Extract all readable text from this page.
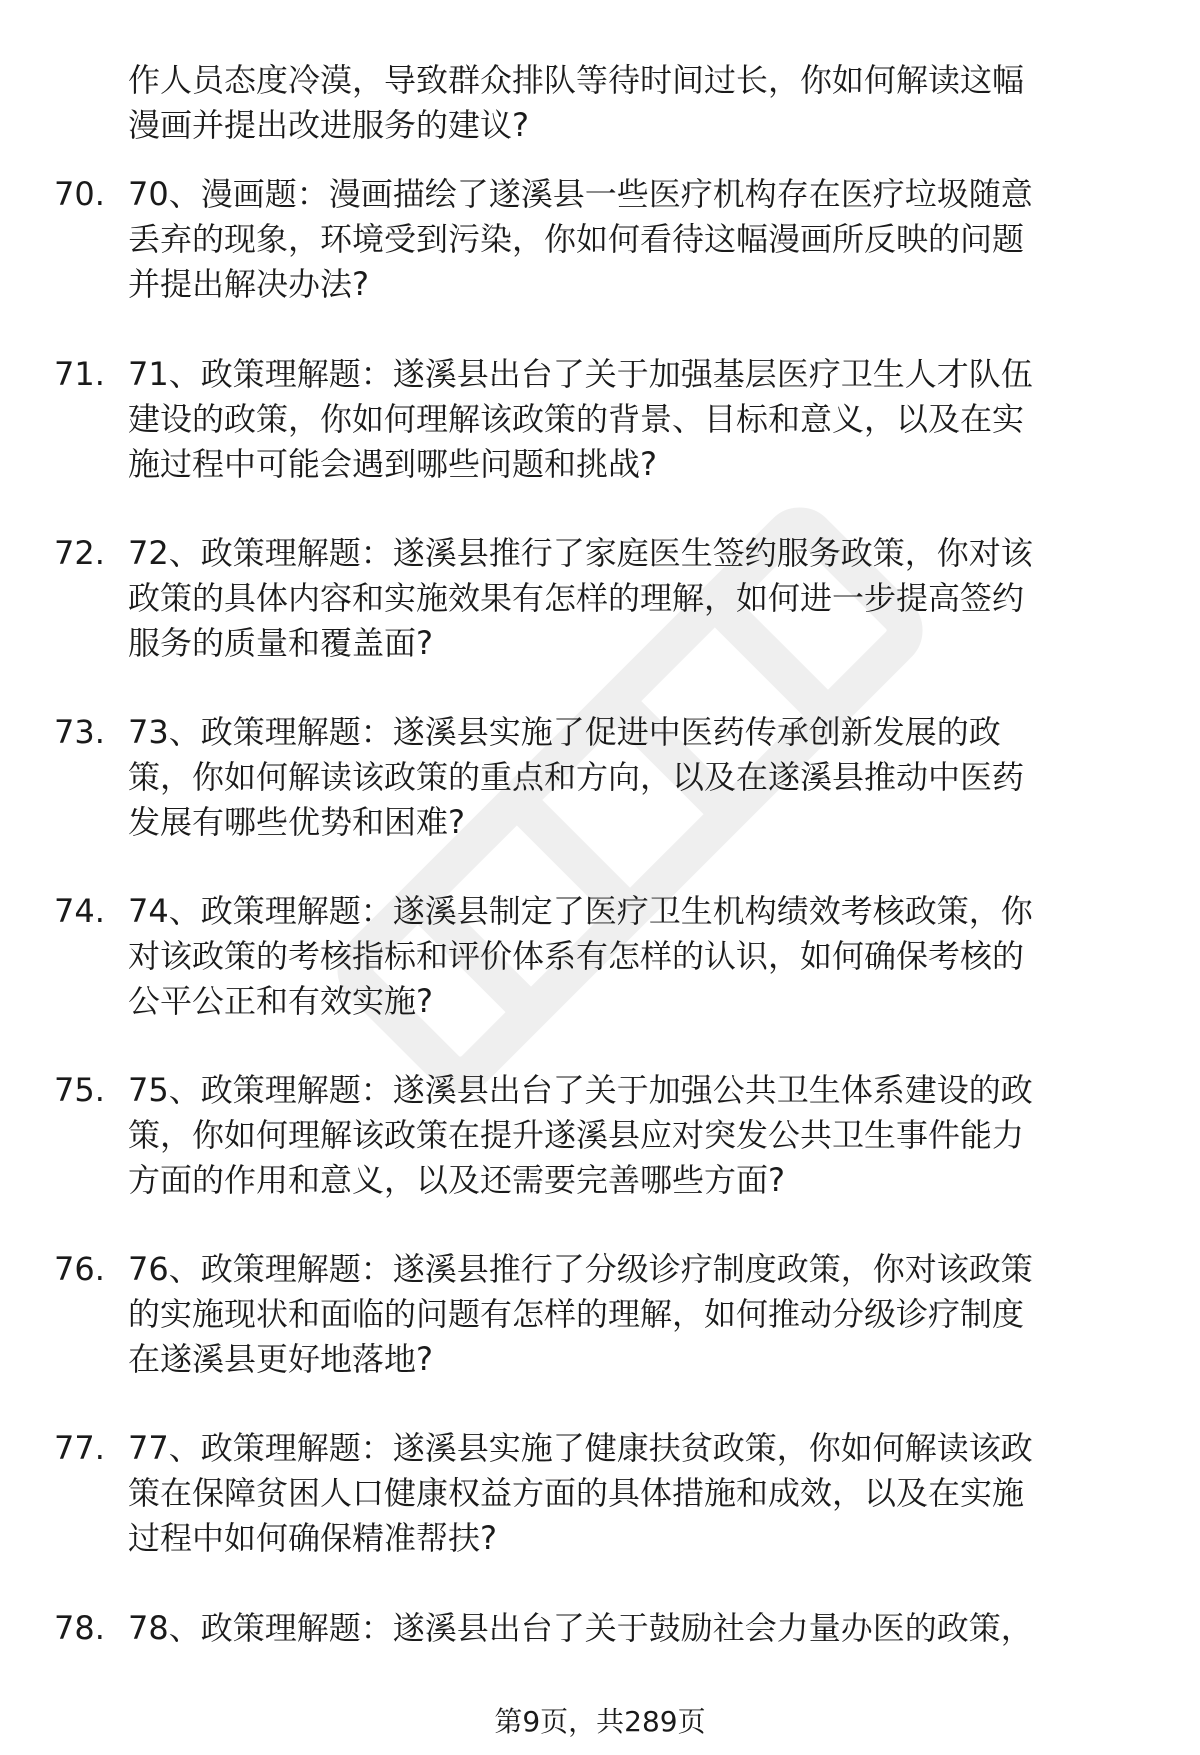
作人员态度冷漠，导致群众排队等待时间过长，你如何解读这幅
漫画并提出改进服务的建议?
70. 70、漫画题：漫画描绘了遂溪县一些医疗机构存在医疗垃圾随意
丢弃的现象，环境受到污染，你如何看待这幅漫画所反映的问题
并提出解决办法?
71. 71、政策理解题：遂溪县出台了关于加强基层医疗卫生人才队伍
建设的政策，你如何理解该政策的背景、目标和意义，以及在实
施过程中可能会遇到哪些问题和挑战?
72. 72、政策理解题：遂溪县推行了家庭医生签约服务政策，你对该
政策的具体内容和实施效果有怎样的理解，如何进一步提高签约
服务的质量和覆盖面?
73. 73、政策理解题：遂溪县实施了促进中医药传承创新发展的政
策，你如何解读该政策的重点和方向，以及在遂溪县推动中医药
发展有哪些优势和困难?
74. 74、政策理解题：遂溪县制定了医疗卫生机构绩效考核政策，你
对该政策的考核指标和评价体系有怎样的认识，如何确保考核的
公平公正和有效实施?
75. 75、政策理解题：遂溪县出台了关于加强公共卫生体系建设的政
策，你如何理解该政策在提升遂溪县应对突发公共卫生事件能力
方面的作用和意义，以及还需要完善哪些方面?
76. 76、政策理解题：遂溪县推行了分级诊疗制度政策，你对该政策
的实施现状和面临的问题有怎样的理解，如何推动分级诊疗制度
在遂溪县更好地落地?
77. 77、政策理解题：遂溪县实施了健康扶贫政策，你如何解读该政
策在保障贫困人口健康权益方面的具体措施和成效，以及在实施
过程中如何确保精准帮扶?
78. 78、政策理解题：遂溪县出台了关于鼓励社会力量办医的政策，
第9页，共289页
